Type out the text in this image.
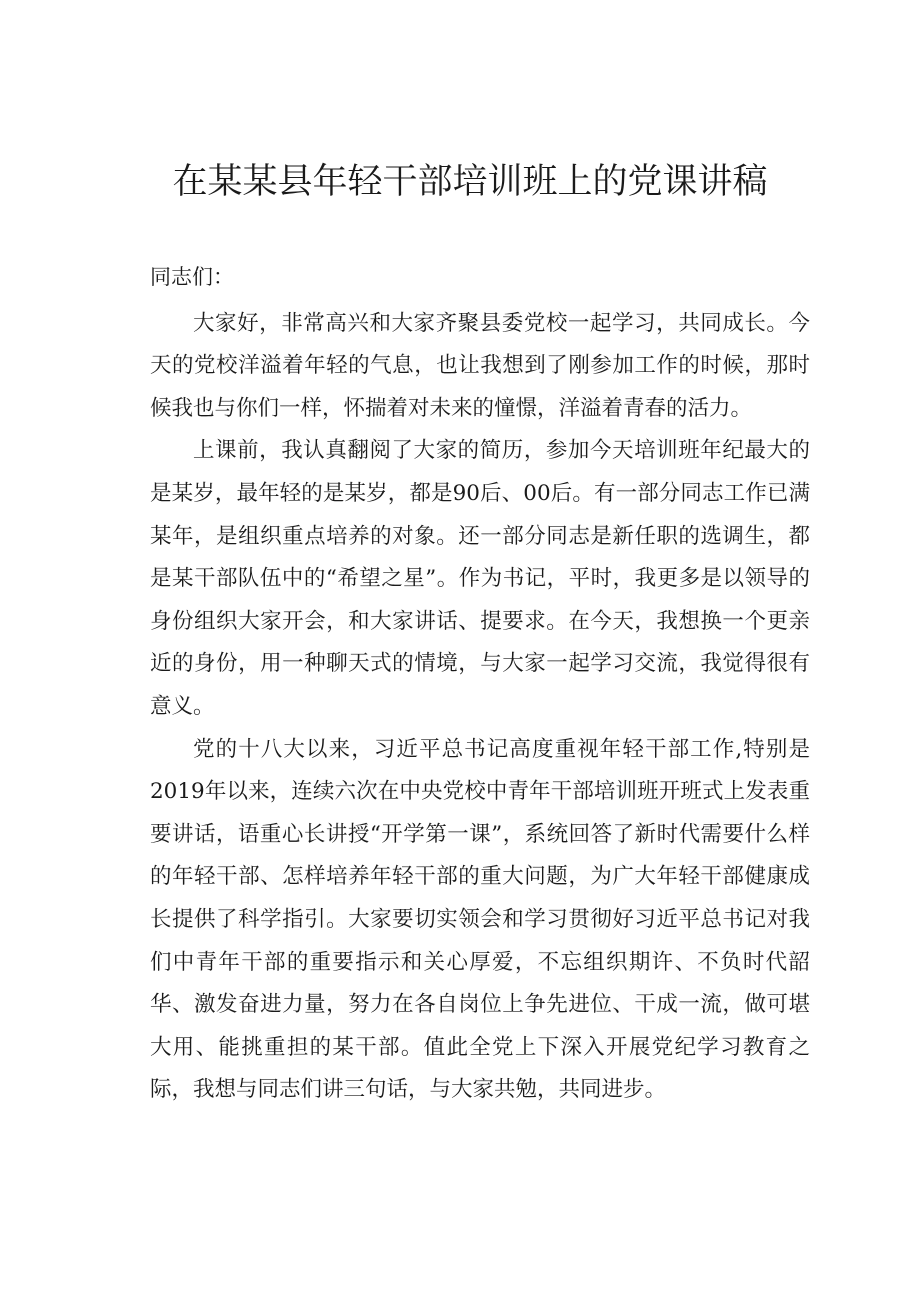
在某某县年轻干部培训班上的党课讲稿

同志们：

大家好，非常高兴和大家齐聚县委党校一起学习，共同成长。今天的党校洋溢着年轻的气息，也让我想到了刚参加工作的时候，那时候我也与你们一样，怀揣着对未来的憧憬，洋溢着青春的活力。

上课前，我认真翻阅了大家的简历，参加今天培训班年纪最大的是某岁，最年轻的是某岁，都是90后、00后。有一部分同志工作已满某年，是组织重点培养的对象。还一部分同志是新任职的选调生，都是某干部队伍中的“希望之星”。作为书记，平时，我更多是以领导的身份组织大家开会，和大家讲话、提要求。在今天，我想换一个更亲近的身份，用一种聊天式的情境，与大家一起学习交流，我觉得很有意义。

党的十八大以来，习近平总书记高度重视年轻干部工作,特别是2019年以来，连续六次在中央党校中青年干部培训班开班式上发表重要讲话，语重心长讲授“开学第一课”，系统回答了新时代需要什么样的年轻干部、怎样培养年轻干部的重大问题，为广大年轻干部健康成长提供了科学指引。大家要切实领会和学习贯彻好习近平总书记对我们中青年干部的重要指示和关心厚爱，不忘组织期许、不负时代韶华、激发奋进力量，努力在各自岗位上争先进位、干成一流，做可堪大用、能挑重担的某干部。值此全党上下深入开展党纪学习教育之际，我想与同志们讲三句话，与大家共勉，共同进步。
